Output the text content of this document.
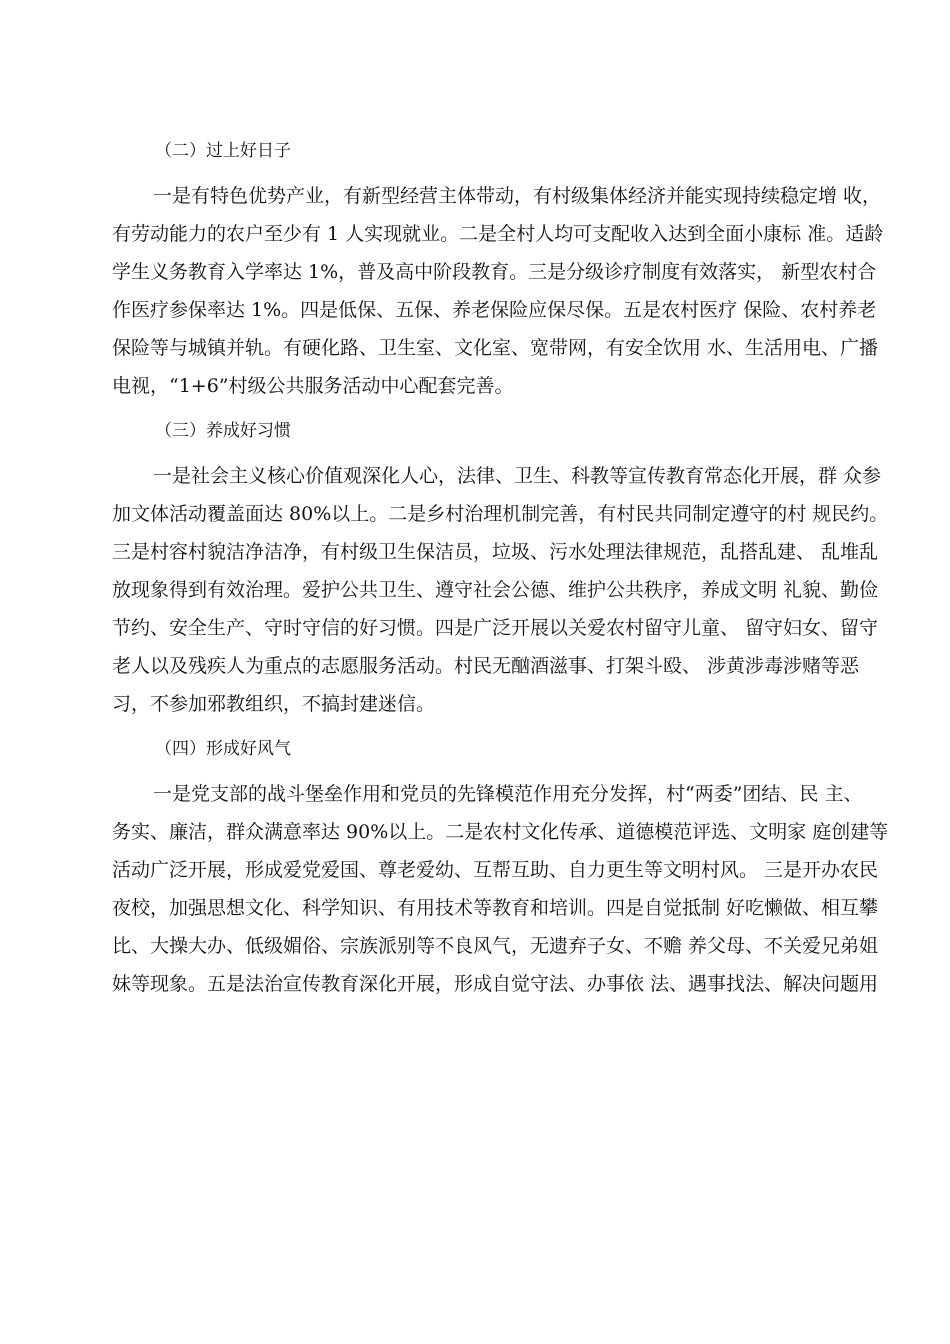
（二）过上好日子
一是有特色优势产业，有新型经营主体带动，有村级集体经济并能实现持续稳定增 收，
有劳动能力的农户至少有 1 人实现就业。二是全村人均可支配收入达到全面小康标 准。适龄
学生义务教育入学率达 1%，普及高中阶段教育。三是分级诊疗制度有效落实， 新型农村合
作医疗参保率达 1%。四是低保、五保、养老保险应保尽保。五是农村医疗 保险、农村养老
保险等与城镇并轨。有硬化路、卫生室、文化室、宽带网，有安全饮用 水、生活用电、广播
电视，“1+6”村级公共服务活动中心配套完善。
（三）养成好习惯
一是社会主义核心价值观深化人心，法律、卫生、科教等宣传教育常态化开展，群 众参
加文体活动覆盖面达 80%以上。二是乡村治理机制完善，有村民共同制定遵守的村 规民约。
三是村容村貌洁净洁净，有村级卫生保洁员，垃圾、污水处理法律规范，乱搭乱建、 乱堆乱
放现象得到有效治理。爱护公共卫生、遵守社会公德、维护公共秩序，养成文明 礼貌、勤俭
节约、安全生产、守时守信的好习惯。四是广泛开展以关爱农村留守儿童、 留守妇女、留守
老人以及残疾人为重点的志愿服务活动。村民无酗酒滋事、打架斗殴、 涉黄涉毒涉赌等恶
习，不参加邪教组织，不搞封建迷信。
（四）形成好风气
一是党支部的战斗堡垒作用和党员的先锋模范作用充分发挥，村“两委”团结、民 主、
务实、廉洁，群众满意率达 90%以上。二是农村文化传承、道德模范评选、文明家 庭创建等
活动广泛开展，形成爱党爱国、尊老爱幼、互帮互助、自力更生等文明村风。 三是开办农民
夜校，加强思想文化、科学知识、有用技术等教育和培训。四是自觉抵制 好吃懒做、相互攀
比、大操大办、低级媚俗、宗族派别等不良风气，无遗弃子女、不赡 养父母、不关爱兄弟姐
妹等现象。五是法治宣传教育深化开展，形成自觉守法、办事依 法、遇事找法、解决问题用
